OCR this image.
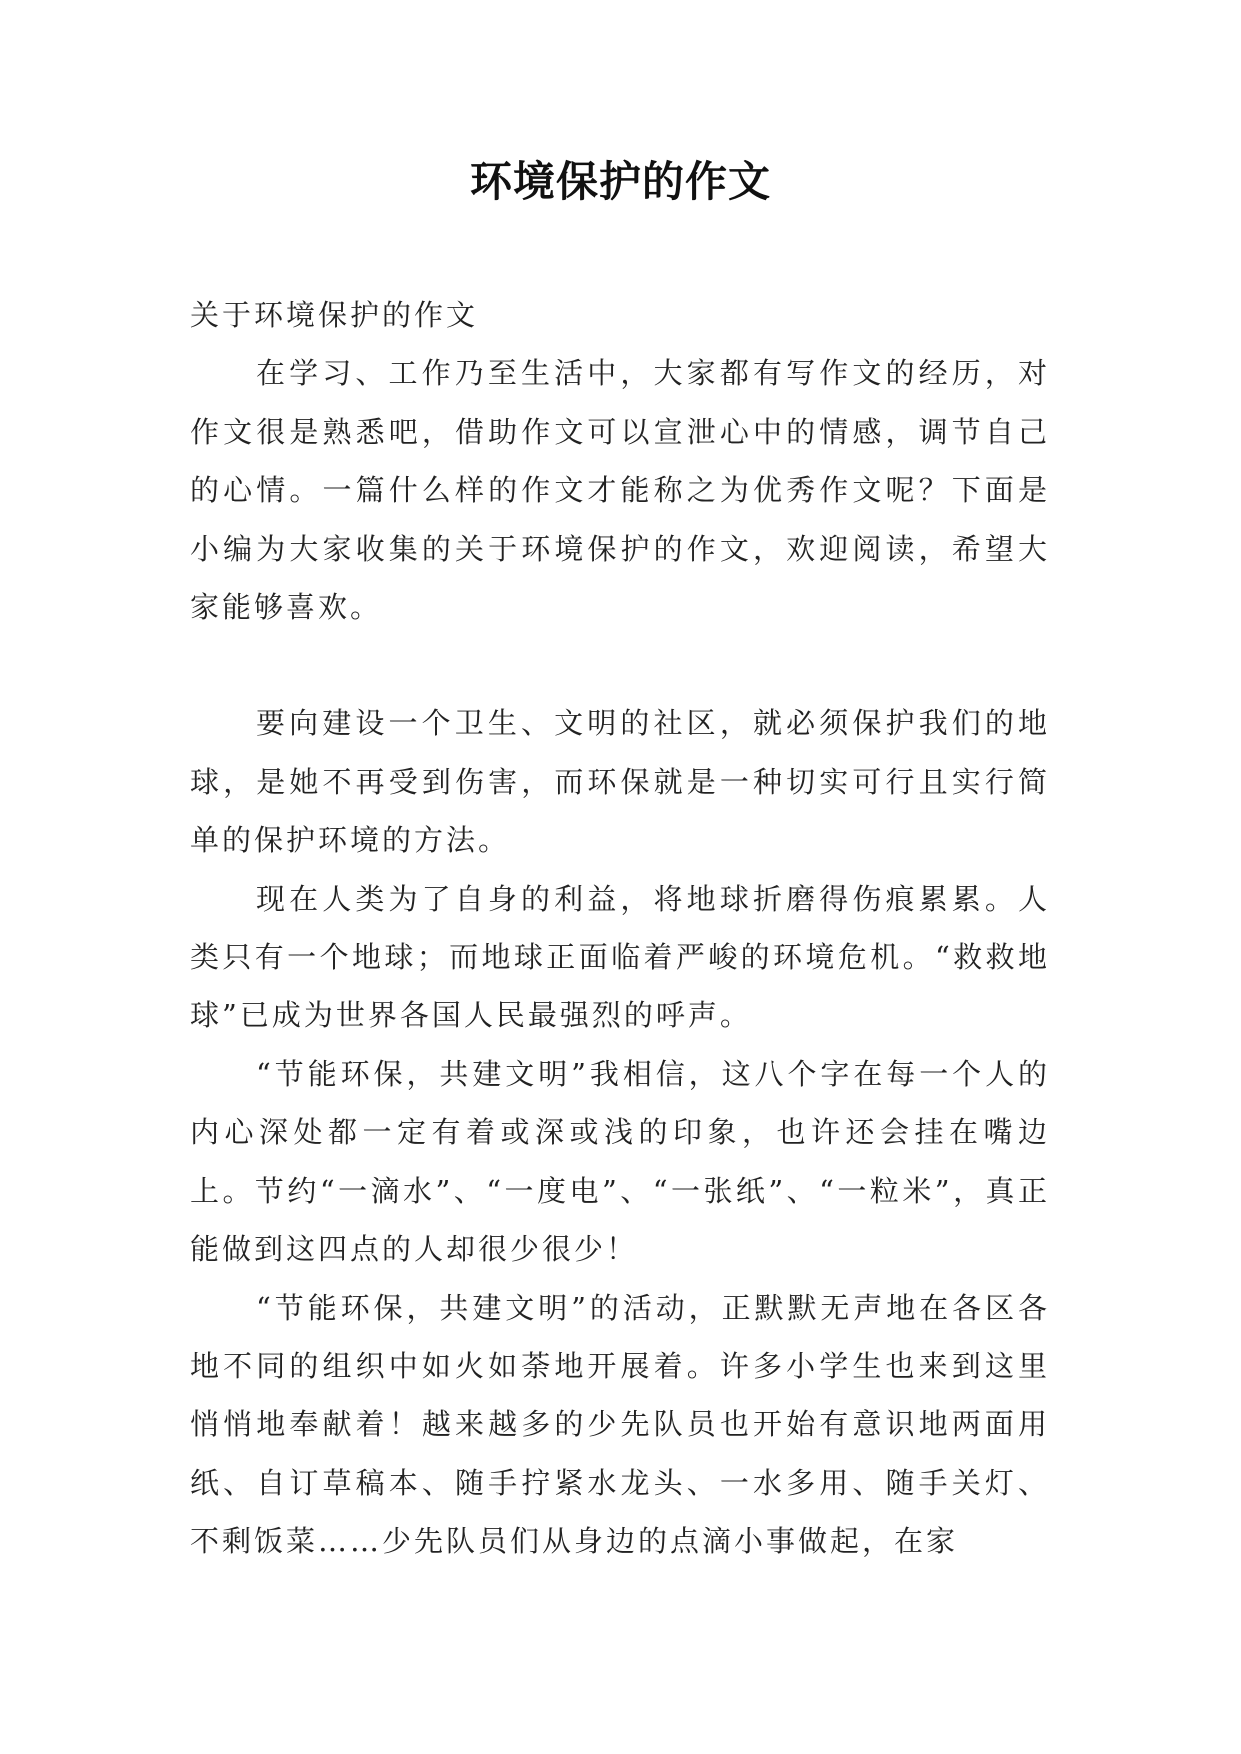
环境保护的作文

关于环境保护的作文

在学习、工作乃至生活中，大家都有写作文的经历，对作文很是熟悉吧，借助作文可以宣泄心中的情感，调节自己的心情。一篇什么样的作文才能称之为优秀作文呢？下面是小编为大家收集的关于环境保护的作文，欢迎阅读，希望大家能够喜欢。

要向建设一个卫生、文明的社区，就必须保护我们的地球，是她不再受到伤害，而环保就是一种切实可行且实行简单的保护环境的方法。

现在人类为了自身的利益，将地球折磨得伤痕累累。人类只有一个地球；而地球正面临着严峻的环境危机。“救救地球”已成为世界各国人民最强烈的呼声。

“节能环保，共建文明”我相信，这八个字在每一个人的内心深处都一定有着或深或浅的印象，也许还会挂在嘴边上。节约“一滴水”、“一度电”、“一张纸”、“一粒米”，真正能做到这四点的人却很少很少！

“节能环保，共建文明”的活动，正默默无声地在各区各地不同的组织中如火如荼地开展着。许多小学生也来到这里悄悄地奉献着！越来越多的少先队员也开始有意识地两面用纸、自订草稿本、随手拧紧水龙头、一水多用、随手关灯、不剩饭菜……少先队员们从身边的点滴小事做起，在家
